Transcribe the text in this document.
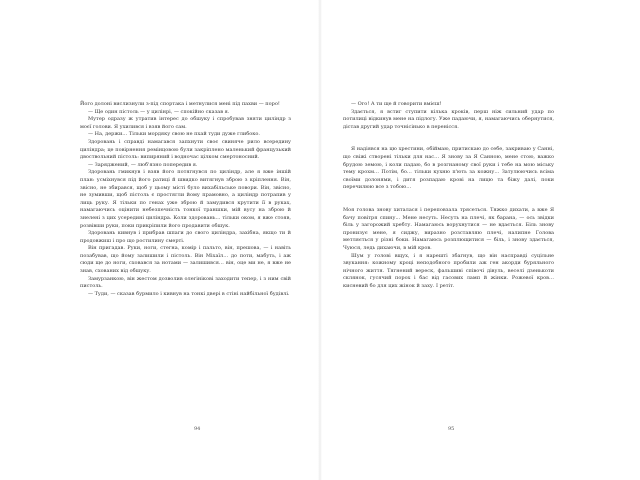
Його долоні вислизнули з-під спортака і метнулися мені під пахви — поро!

— Ще один пістоль — у цилінрі, — спокійно сказав я.

Мутер одразу ж утратив інтерес до обшуку і спробував зняти циліндр з моєї голови. Я ухилився і взяв його сам.

— На, держи… Тільки мордяку свою не пхай туди дуже глибоко.

Здоровань і справді намагався запхнути своє свиняче рило всередину циліндра; це повірнення ремінцовою були закріплено маленький французький двоствольний пістоль: випиряний і водночас цілком смертоносний.

— Заряджений, — люб'язно попередив я.

Здоровань гмикнув і взяв його потягнувся по циліндр, але я вже іншій план: усміхнувся під його ратиці й швидко витягнув зброю з кріплення. Він, звісно, не збирався, щоб у цьому місті було вихабільське повори. Він, звісно, не зумивши, щоб пістоль є простягли йому прамовно, а циліндр потрапив у лиць руку. Я тільки по генах уже зброю й замудився крутити її в руках, намагаючись оцінити небезпечність тонкої траншки, мій вусу на зброю й знелені з цих усередині циліндра. Коли здоровань… тільки оком, я вже стояв, розвівши руки, поки прикріпили його продавити обшук.

Здоровань кивнув і прибрав шпаги до свого циліндра, захібна, якщо ти й продовжиш і про що ростилину смерті.

Він пригадав. Руки, ноги, стегна, комір і пальто, він, прешова, — і навіть позабував, що йому залишили і пістоль. Він Міхаїл… до поти, мабуть, і аж сюди ще до ноги, сховався за нотами — залишився… він, оце ми не, я вже не знав, схованих від обшуку.

Замурзанкою, він жестом дозволив олегінікові заходити тепер, і з ним свій пистоль.

— Туди, — сказав бурмило і кивнув на тонкі двері в стіні найбільної будівлі.

— Ого! А ти ще й говорити вмієш!

Здається, я встиг ступити кілька кроків, перш ніж сильний удар по потилиці відкинув мене на підлогу. Уже падаючи, я, намагаючись обернутися, дістав другий удар точнісінько в перенісся.

Я надіявся на цю хрестини, обіймаю, притискаю до себе, закриваю у Санні, що свіжі створені тільки для нас… Я знову за Я Санною, мене стою, важко брудою земою, і коли падаю, бо в розгнаному свої руки і тебе на мою міську тему крохм… Потім, бо… тільки кухню п'ють за кожну… Затулюючись всіма своїми долонями, і дитя розпадаю крові на лицю та біжу далі, поки перечилюю все з тобою…

Моя голова знову хиталася і переповзала трясеться. Тяжко дихати, а вже Я бачу повітря спину... Мене несуть. Несуть на плечі, як барана, — ось звідки біль у загорожий хребту. Намагаюсь ворухнутися — не вдається. Біль знову пронизує мене, я сиджу, виразно розставляю плечі, налипне Голова метляється у різні боки. Намагаюсь розплющитися — біль, і знову здається, Чуюся, ледь дихаючи, в мій кров.

Шум у голові вщух, і я нарешті збагнув, що він насправді суцільне звукання: кожному кроці неподобного пробили аж ген акорди буряльного нічного життя. Тягнений вереск, фальшиві співочі дівуль, веселі дзенькоти склянок, гусячий порох і бас від гасових ламп й жінки. Рожевої кров… кисневий бо для цих жінок й заху. І ретіт.

94	95
